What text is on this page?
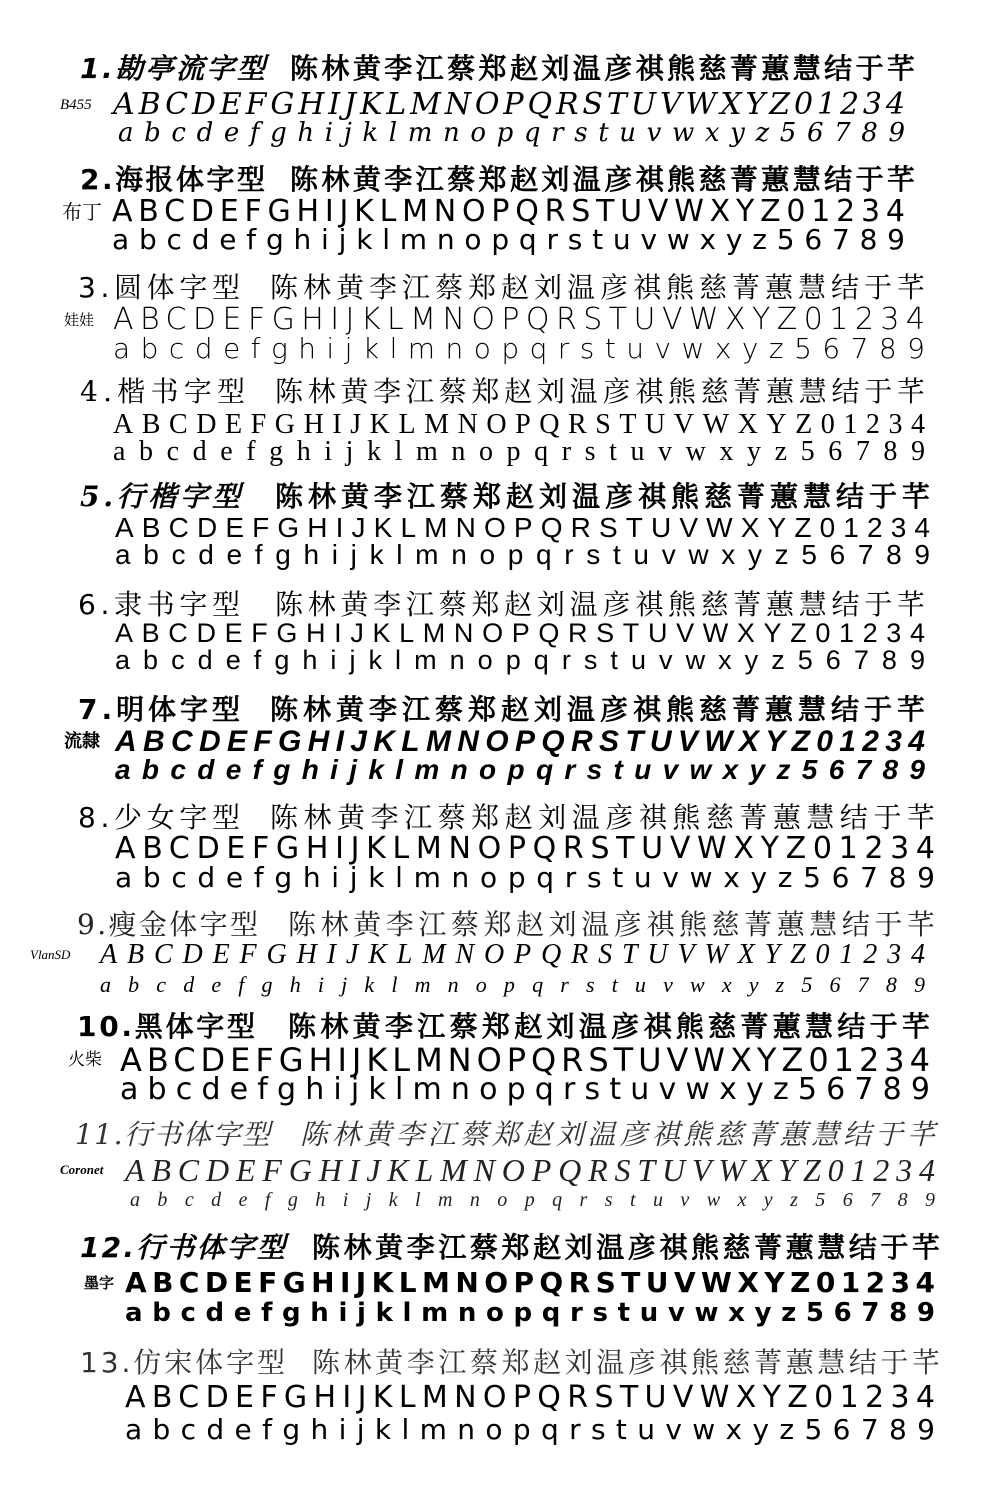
1.勘亭流字型 陈林黄李江蔡郑赵刘温彦祺熊慈菁蕙慧结于芊
B455 ABCDEFGHIJKLMNOPQRSTUVWXYZ01234
abcdefghijklmnopqrstuvwxyz56789
2.海报体字型 陈林黄李江蔡郑赵刘温彦祺熊慈菁蕙慧结于芊
布丁 ABCDEFGHIJKLMNOPQRSTUVWXYZ01234
abcdefghijklmnopqrstuvwxyz56789
3.圆体字型 陈林黄李江蔡郑赵刘温彦祺熊慈菁蕙慧结于芊
娃娃 ABCDEFGHIJKLMNOPQRSTUVWXYZ01234
abcdefghijklmnopqrstuvwxyz56789
4.楷书字型 陈林黄李江蔡郑赵刘温彦祺熊慈菁蕙慧结于芊
ABCDEFGHIJKLMNOPQRSTUVWXYZ01234
abcdefghijklmnopqrstuvwxyz56789
5.行楷字型 陈林黄李江蔡郑赵刘温彦祺熊慈菁蕙慧结于芊
ABCDEFGHIJKLMNOPQRSTUVWXYZ01234
abcdefghijklmnopqrstuvwxyz56789
6.隶书字型 陈林黄李江蔡郑赵刘温彦祺熊慈菁蕙慧结于芊
ABCDEFGHIJKLMNOPQRSTUVWXYZ01234
abcdefghijklmnopqrstuvwxyz56789
7.明体字型 陈林黄李江蔡郑赵刘温彦祺熊慈菁蕙慧结于芊
流隸 ABCDEFGHIJKLMNOPQRSTUVWXYZ01234
abcdefghijklmnopqrstuvwxyz56789
8.少女字型 陈林黄李江蔡郑赵刘温彦祺熊慈菁蕙慧结于芊
ABCDEFGHIJKLMNOPQRSTUVWXYZ01234
abcdefghijklmnopqrstuvwxyz56789
9.瘦金体字型 陈林黄李江蔡郑赵刘温彦祺熊慈菁蕙慧结于芊
VlanSD ABCDEFGHIJKLMNOPQRSTUVWXYZ01234
abcdefghijklmnopqrstuvwxyz56789
10.黑体字型 陈林黄李江蔡郑赵刘温彦祺熊慈菁蕙慧结于芊
火柴 ABCDEFGHIJKLMNOPQRSTUVWXYZ01234
abcdefghijklmnopqrstuvwxyz56789
11.行书体字型 陈林黄李江蔡郑赵刘温彦祺熊慈菁蕙慧结于芊
Coronet ABCDEFGHIJKLMNOPQRSTUVWXYZ01234
abcdefghijklmnopqrstuvwxyz56789
12.行书体字型 陈林黄李江蔡郑赵刘温彦祺熊慈菁蕙慧结于芊
墨字 ABCDEFGHIJKLMNOPQRSTUVWXYZ01234
abcdefghijklmnopqrstuvwxyz56789
13.仿宋体字型 陈林黄李江蔡郑赵刘温彦祺熊慈菁蕙慧结于芊
ABCDEFGHIJKLMNOPQRSTUVWXYZ01234
abcdefghijklmnopqrstuvwxyz56789
